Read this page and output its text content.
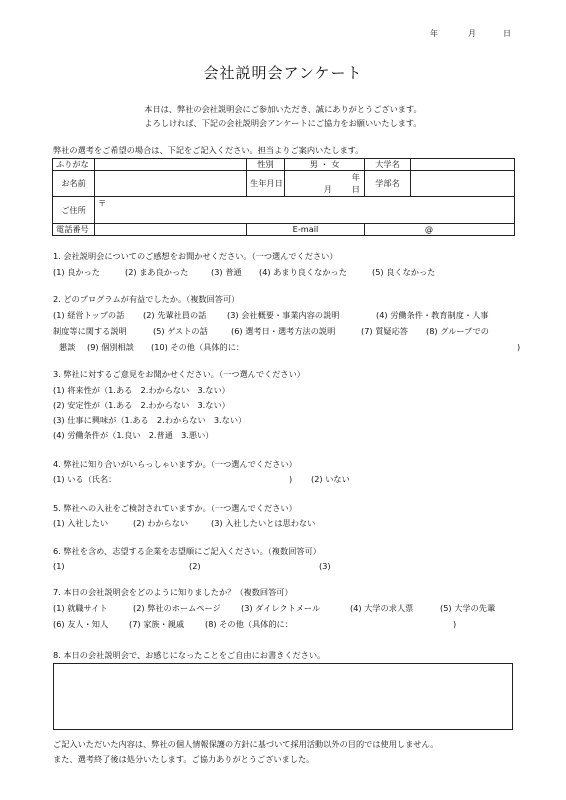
年	月	日
会社説明会アンケート
本日は、弊社の会社説明会にご参加いただき、誠にありがとうございます。
よろしければ、下記の会社説明会アンケートにご協力をお願いいたします。
弊社の選考をご希望の場合は、下記をご記入ください。担当よりご案内いたします。
ふりがな		性別	男 ・ 女	大学名	
お名前		生年月日	年
月 日	学部名	
ご住所	〒				
電話番号		E-mail		@	
1. 会社説明会についてのご感想をお聞かせください。（一つ選んでください）
(1) 良かった	(2) まあ良かった	(3) 普通 (4) あまり良くなかった	(5) 良くなかった
2. どのプログラムが有益でしたか。（複数回答可）
(1) 経営トップの話 (2) 先輩社員の話	(3) 会社概要・事業内容の説明	(4) 労働条件・教育制度・人事
制度等に関する説明	(5) ゲストの話	(6) 選考日・選考方法の説明	(7) 質疑応答 (8) グループでの
懇談 (9) 個別相談 (10) その他（具体的に：	)
3. 弊社に対するご意見をお聞かせください。（一つ選んでください）
(1) 将来性が（1.ある　2.わからない　3.ない）
(2) 安定性が（1.ある　2.わからない　3.ない）
(3) 仕事に興味が（1.ある　2.わからない　3.ない）
(4) 労働条件が（1.良い　2.普通　3.悪い）
4. 弊社に知り合いがいらっしゃいますか。（一つ選んでください）
(1) いる（氏名：	) (2) いない
5. 弊社への入社をご検討されていますか。（一つ選んでください）
(1) 入社したい	(2) わからない	(3) 入社したいとは思わない
6. 弊社を含め、志望する企業を志望順にご記入ください。（複数回答可）
(1)	(2)	(3)
7. 本日の会社説明会をどのように知りましたか？（複数回答可）
(1) 就職サイト	(2) 弊社のホームページ (3) ダイレクトメール	(4) 大学の求人票	(5) 大学の先輩
(6) 友人・知人	(7) 家族・親戚	(8) その他（具体的に：	)
8. 本日の会社説明会で、お感じになったことをご自由にお書きください。
ご記入いただいた内容は、弊社の個人情報保護の方針に基づいて採用活動以外の目的では使用しません。
また、選考終了後は処分いたします。ご協力ありがとうございました。
